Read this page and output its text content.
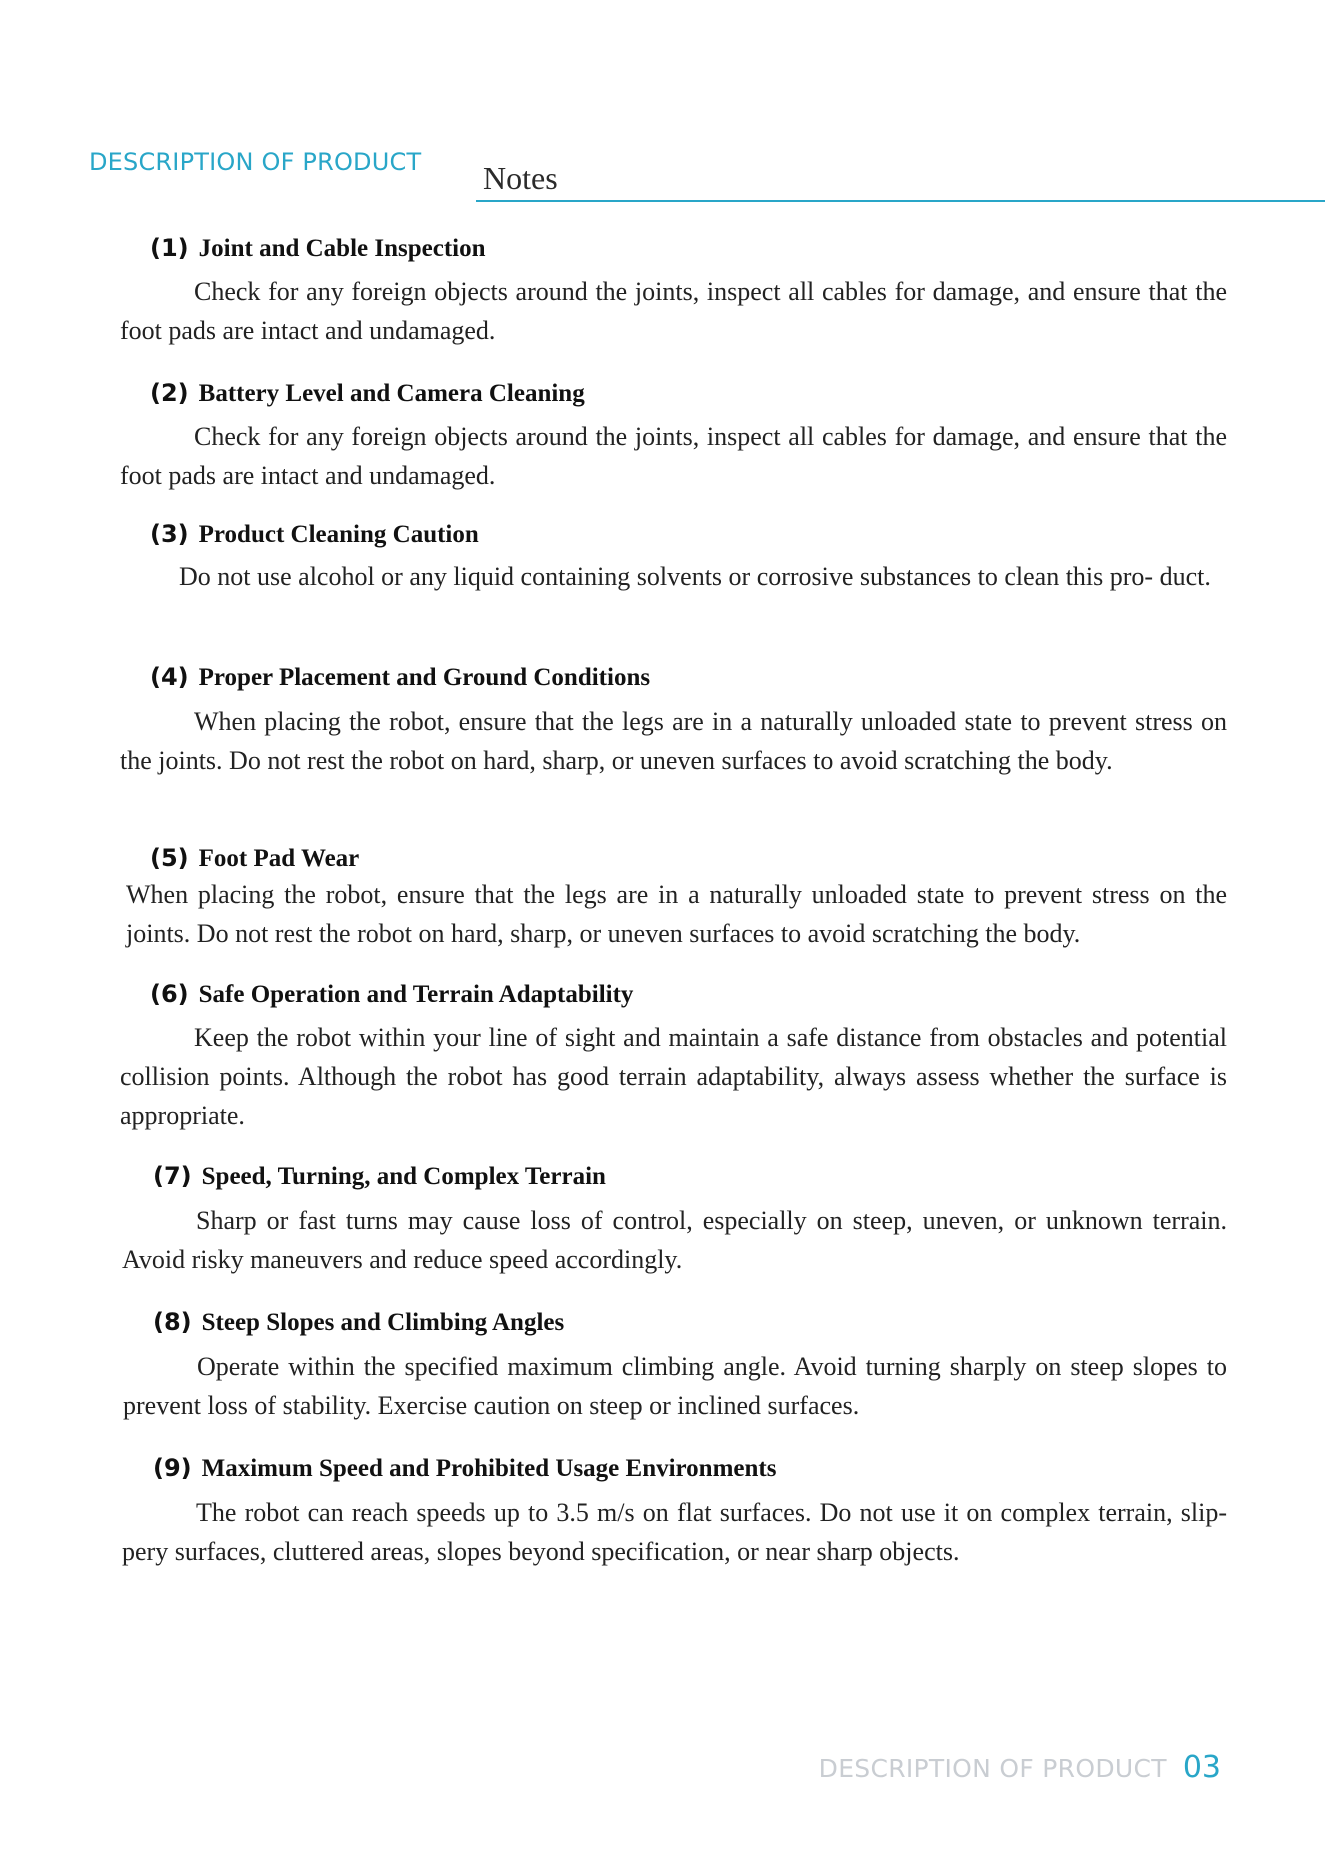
DESCRIPTION OF PRODUCT Notes
(1) Joint and Cable Inspection
Check for any foreign objects around the joints, inspect all cables for damage, and ensure that the foot pads are intact and undamaged.
(2) Battery Level and Camera Cleaning
Check for any foreign objects around the joints, inspect all cables for damage, and ensure that the foot pads are intact and undamaged.
(3) Product Cleaning Caution
Do not use alcohol or any liquid containing solvents or corrosive substances to clean this pro- duct.
(4) Proper Placement and Ground Conditions
When placing the robot, ensure that the legs are in a naturally unloaded state to prevent stress on the joints. Do not rest the robot on hard, sharp, or uneven surfaces to avoid scratching the body.
(5) Foot Pad Wear
When placing the robot, ensure that the legs are in a naturally unloaded state to prevent stress on the joints. Do not rest the robot on hard, sharp, or uneven surfaces to avoid scratching the body.
(6) Safe Operation and Terrain Adaptability
Keep the robot within your line of sight and maintain a safe distance from obstacles and potential collision points. Although the robot has good terrain adaptability, always assess whether the surface is appropriate.
(7) Speed, Turning, and Complex Terrain
Sharp or fast turns may cause loss of control, especially on steep, uneven, or unknown terrain. Avoid risky maneuvers and reduce speed accordingly.
(8) Steep Slopes and Climbing Angles
Operate within the specified maximum climbing angle. Avoid turning sharply on steep slopes to prevent loss of stability. Exercise caution on steep or inclined surfaces.
(9) Maximum Speed and Prohibited Usage Environments
The robot can reach speeds up to 3.5 m/s on flat surfaces. Do not use it on complex terrain, slip- pery surfaces, cluttered areas, slopes beyond specification, or near sharp objects.
DESCRIPTION OF PRODUCT 03
